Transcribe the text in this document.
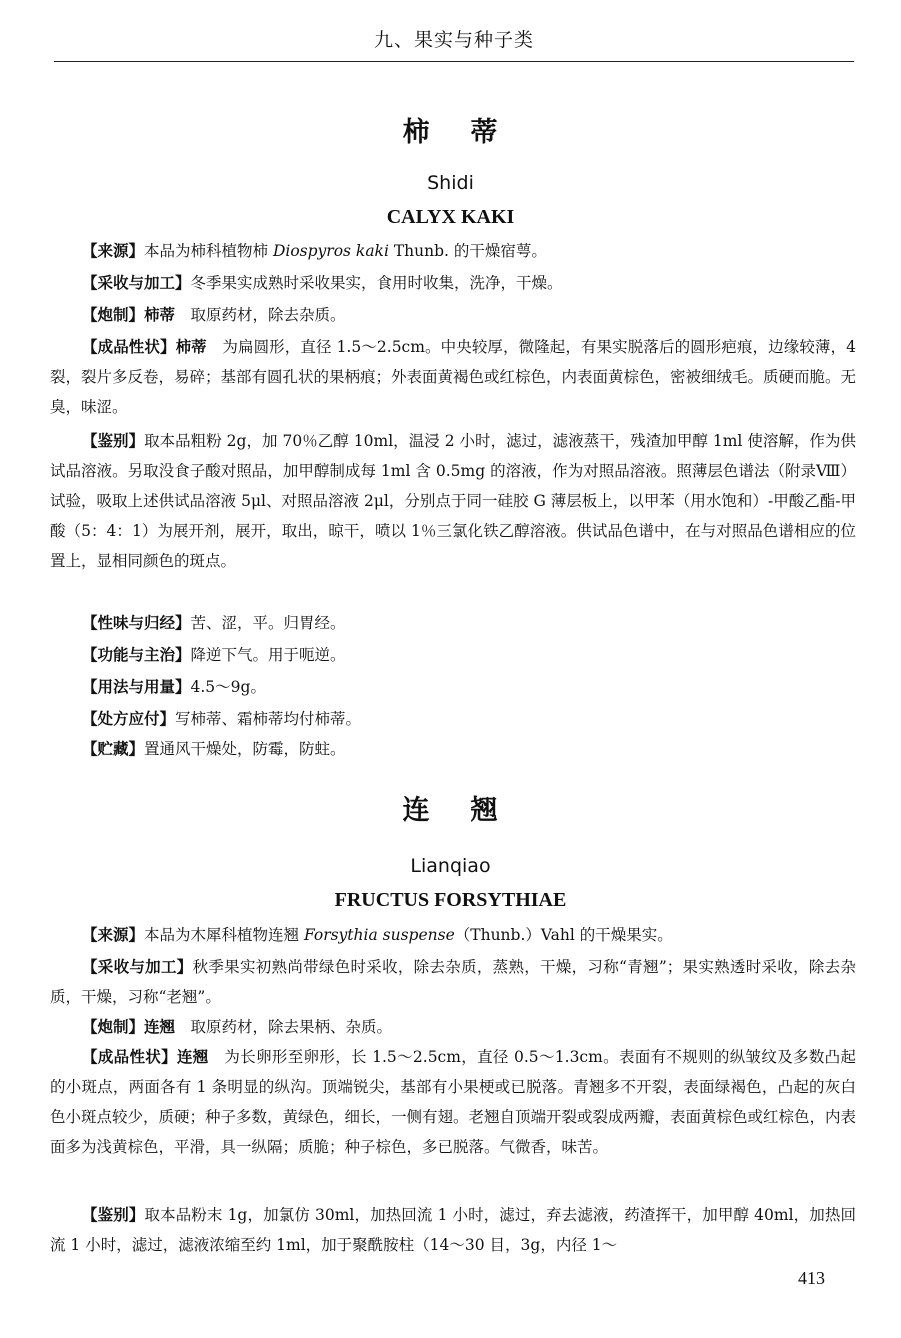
九、果实与种子类
柿 蒂
Shidi
CALYX KAKI

【来源】本品为柿科植物柿 Diospyros kaki Thunb. 的干燥宿萼。

【采收与加工】冬季果实成熟时采收果实，食用时收集，洗净，干燥。

【炮制】柿蒂　取原药材，除去杂质。

【成品性状】柿蒂　为扁圆形，直径 1.5～2.5cm。中央较厚，微隆起，有果实脱落后的圆形疤痕，边缘较薄，4 裂，裂片多反卷，易碎；基部有圆孔状的果柄痕；外表面黄褐色或红棕色，内表面黄棕色，密被细绒毛。质硬而脆。无臭，味涩。

【鉴别】取本品粗粉 2g，加 70％乙醇 10ml，温浸 2 小时，滤过，滤液蒸干，残渣加甲醇 1ml 使溶解，作为供试品溶液。另取没食子酸对照品，加甲醇制成每 1ml 含 0.5mg 的溶液，作为对照品溶液。照薄层色谱法（附录Ⅷ）试验，吸取上述供试品溶液 5μl、对照品溶液 2μl，分别点于同一硅胶 G 薄层板上，以甲苯（用水饱和）-甲酸乙酯-甲酸（5：4：1）为展开剂，展开，取出，晾干，喷以 1％三氯化铁乙醇溶液。供试品色谱中，在与对照品色谱相应的位置上，显相同颜色的斑点。

【性味与归经】苦、涩，平。归胃经。

【功能与主治】降逆下气。用于呃逆。

【用法与用量】4.5～9g。

【处方应付】写柿蒂、霜柿蒂均付柿蒂。

【贮藏】置通风干燥处，防霉，防蛀。

连 翘
Lianqiao
FRUCTUS FORSYTHIAE

【来源】本品为木犀科植物连翘 Forsythia suspense（Thunb.）Vahl 的干燥果实。

【采收与加工】秋季果实初熟尚带绿色时采收，除去杂质，蒸熟，干燥，习称“青翘”；果实熟透时采收，除去杂质，干燥，习称“老翘”。

【炮制】连翘　取原药材，除去果柄、杂质。

【成品性状】连翘　为长卵形至卵形，长 1.5～2.5cm，直径 0.5～1.3cm。表面有不规则的纵皱纹及多数凸起的小斑点，两面各有 1 条明显的纵沟。顶端锐尖，基部有小果梗或已脱落。青翘多不开裂，表面绿褐色，凸起的灰白色小斑点较少，质硬；种子多数，黄绿色，细长，一侧有翅。老翘自顶端开裂或裂成两瓣，表面黄棕色或红棕色，内表面多为浅黄棕色，平滑，具一纵隔；质脆；种子棕色，多已脱落。气微香，味苦。

【鉴别】取本品粉末 1g，加氯仿 30ml，加热回流 1 小时，滤过，弃去滤液，药渣挥干，加甲醇 40ml，加热回流 1 小时，滤过，滤液浓缩至约 1ml，加于聚酰胺柱（14～30 目，3g，内径 1～

413
